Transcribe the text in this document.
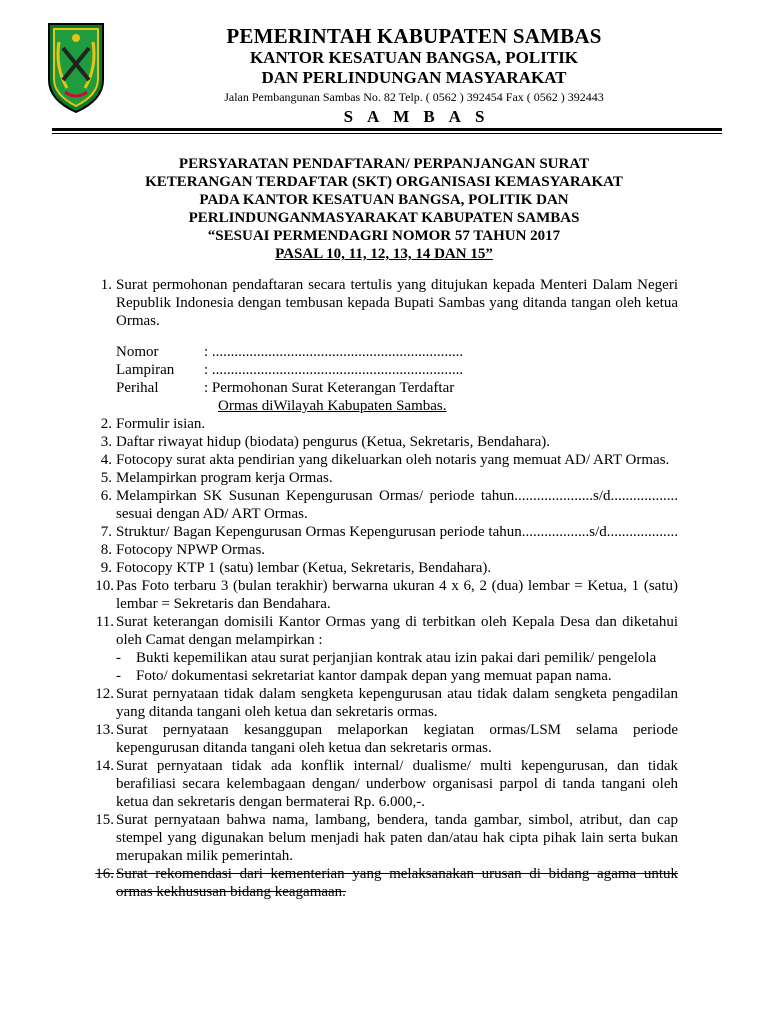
PEMERINTAH KABUPATEN SAMBAS
KANTOR KESATUAN BANGSA, POLITIK
DAN PERLINDUNGAN MASYARAKAT
Jalan Pembangunan Sambas No. 82 Telp. ( 0562 ) 392454 Fax ( 0562 ) 392443
SAMBAS
PERSYARATAN PENDAFTARAN/ PERPANJANGAN SURAT
KETERANGAN TERDAFTAR (SKT) ORGANISASI KEMASYARAKAT
PADA KANTOR KESATUAN BANGSA, POLITIK DAN
PERLINDUNGANMASYARAKAT KABUPATEN SAMBAS
“SESUAI PERMENDAGRI NOMOR 57 TAHUN 2017
PASAL 10, 11, 12, 13, 14 DAN 15”
1. Surat permohonan pendaftaran secara tertulis yang ditujukan kepada Menteri Dalam Negeri Republik Indonesia dengan tembusan kepada Bupati Sambas yang ditanda tangan oleh ketua Ormas.
Nomor	: ...................................................................
Lampiran	: ...................................................................
Perihal	: Permohonan Surat Keterangan Terdaftar
Ormas diWilayah Kabupaten Sambas.
2. Formulir isian.
3. Daftar riwayat hidup (biodata) pengurus (Ketua, Sekretaris, Bendahara).
4. Fotocopy surat akta pendirian yang dikeluarkan oleh notaris yang memuat AD/ ART Ormas.
5. Melampirkan program kerja Ormas.
6. Melampirkan SK Susunan Kepengurusan Ormas/ periode tahun.....................s/d.................. sesuai dengan AD/ ART Ormas.
7. Struktur/ Bagan Kepengurusan Ormas Kepengurusan periode tahun..................s/d...................
8. Fotocopy NPWP Ormas.
9. Fotocopy KTP 1 (satu) lembar (Ketua, Sekretaris, Bendahara).
10. Pas Foto terbaru 3 (bulan terakhir) berwarna ukuran 4 x 6, 2 (dua) lembar = Ketua, 1 (satu) lembar = Sekretaris dan Bendahara.
11. Surat keterangan domisili Kantor Ormas yang di terbitkan oleh Kepala Desa dan diketahui oleh Camat dengan melampirkan :
-	Bukti kepemilikan atau surat perjanjian kontrak atau izin pakai dari pemilik/ pengelola
-	Foto/ dokumentasi sekretariat kantor dampak depan yang memuat papan nama.
12. Surat pernyataan tidak dalam sengketa kepengurusan atau tidak dalam sengketa pengadilan yang ditanda tangani oleh ketua dan sekretaris ormas.
13. Surat pernyataan kesanggupan melaporkan kegiatan ormas/LSM selama periode kepengurusan ditanda tangani oleh ketua dan sekretaris ormas.
14. Surat pernyataan tidak ada konflik internal/ dualisme/ multi kepengurusan, dan tidak berafiliasi secara kelembagaan dengan/ underbow organisasi parpol di tanda tangani oleh ketua dan sekretaris dengan bermaterai Rp. 6.000,-.
15. Surat pernyataan bahwa nama, lambang, bendera, tanda gambar, simbol, atribut, dan cap stempel yang digunakan belum menjadi hak paten dan/atau hak cipta pihak lain serta bukan merupakan milik pemerintah.
16. Surat rekomendasi dari kementerian yang melaksanakan urusan di bidang agama untuk ormas kekhususan bidang keagamaan.
